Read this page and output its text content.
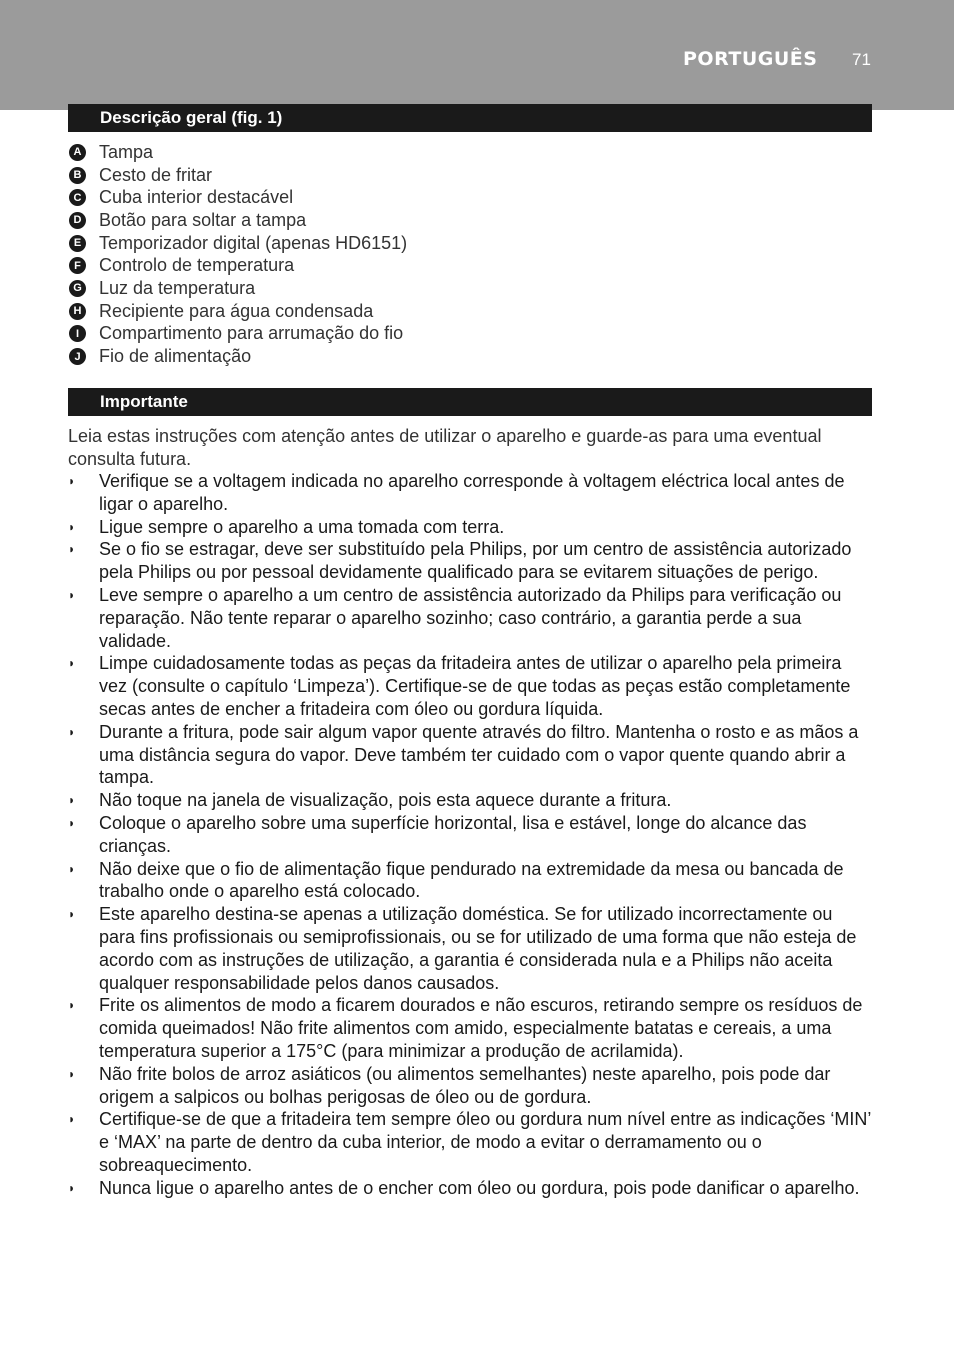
PORTUGUÊS 71
Descrição geral (fig. 1)
A Tampa
B Cesto de fritar
C Cuba interior destacável
D Botão para soltar a tampa
E Temporizador digital (apenas HD6151)
F Controlo de temperatura
G Luz da temperatura
H Recipiente para água condensada
I	Compartimento para arrumação do fio
J	Fio de alimentação
Importante

Leia estas instruções com atenção antes de utilizar o aparelho e guarde-as para uma eventual consulta futura.

◗ Verifique se a voltagem indicada no aparelho corresponde à voltagem eléctrica local antes de ligar o aparelho.
◗ Ligue sempre o aparelho a uma tomada com terra.
◗ Se o fio se estragar, deve ser substituído pela Philips, por um centro de assistência autorizado pela Philips ou por pessoal devidamente qualificado para se evitarem situações de perigo.
◗ Leve sempre o aparelho a um centro de assistência autorizado da Philips para verificação ou reparação. Não tente reparar o aparelho sozinho; caso contrário, a garantia perde a sua validade.
◗ Limpe cuidadosamente todas as peças da fritadeira antes de utilizar o aparelho pela primeira vez (consulte o capítulo ‘Limpeza’). Certifique-se de que todas as peças estão completamente secas antes de encher a fritadeira com óleo ou gordura líquida.
◗ Durante a fritura, pode sair algum vapor quente através do filtro. Mantenha o rosto e as mãos a uma distância segura do vapor. Deve também ter cuidado com o vapor quente quando abrir a tampa.
◗ Não toque na janela de visualização, pois esta aquece durante a fritura.
◗ Coloque o aparelho sobre uma superfície horizontal, lisa e estável, longe do alcance das crianças.
◗ Não deixe que o fio de alimentação fique pendurado na extremidade da mesa ou bancada de trabalho onde o aparelho está colocado.
◗ Este aparelho destina-se apenas a utilização doméstica. Se for utilizado incorrectamente ou para fins profissionais ou semiprofissionais, ou se for utilizado de uma forma que não esteja de acordo com as instruções de utilização, a garantia é considerada nula e a Philips não aceita qualquer responsabilidade pelos danos causados.
◗ Frite os alimentos de modo a ficarem dourados e não escuros, retirando sempre os resíduos de comida queimados! Não frite alimentos com amido, especialmente batatas e cereais, a uma temperatura superior a 175°C (para minimizar a produção de acrilamida).
◗ Não frite bolos de arroz asiáticos (ou alimentos semelhantes) neste aparelho, pois pode dar origem a salpicos ou bolhas perigosas de óleo ou de gordura.
◗ Certifique-se de que a fritadeira tem sempre óleo ou gordura num nível entre as indicações ‘MIN’ e ‘MAX’ na parte de dentro da cuba interior, de modo a evitar o derramamento ou o sobreaquecimento.
◗ Nunca ligue o aparelho antes de o encher com óleo ou gordura, pois pode danificar o aparelho.
